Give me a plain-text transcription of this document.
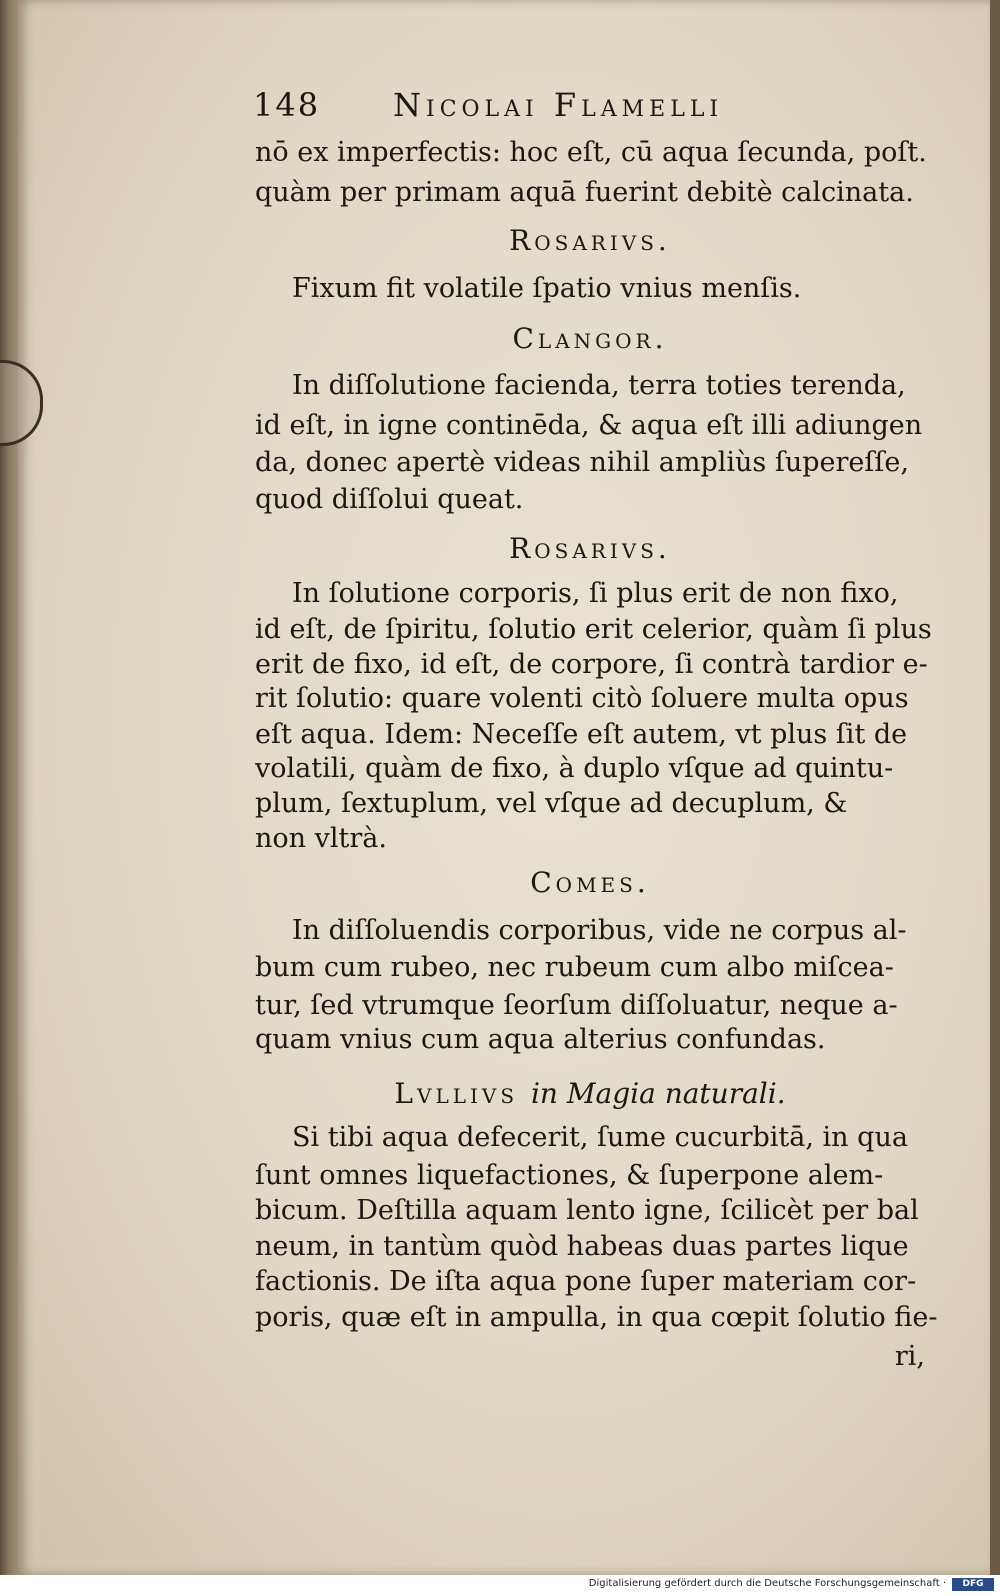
148 Nicolai Flamelli
nō ex imperfectis: hoc eſt, cū aqua ſecunda, poſt.
quàm per primam aquā fuerint debitè calcinata.
Rosarivs.
Fixum fit volatile ſpatio vnius menſis.
Clangor.
In diſſolutione facienda, terra toties terenda,
id eſt, in igne continēda, & aqua eſt illi adiungen
da, donec apertè videas nihil ampliùs ſupereſſe,
quod diſſolui queat.
Rosarivs.
In ſolutione corporis, ſi plus erit de non fixo,
id eſt, de ſpiritu, ſolutio erit celerior, quàm ſi plus
erit de fixo, id eſt, de corpore, ſi contrà tardior e-
rit ſolutio: quare volenti citò ſoluere multa opus
eſt aqua. Idem: Neceſſe eſt autem, vt plus ſit de
volatili, quàm de fixo, à duplo vſque ad quintu-
plum, ſextuplum, vel vſque ad decuplum, &
non vltrà.
Comes.
In diſſoluendis corporibus, vide ne corpus al-
bum cum rubeo, nec rubeum cum albo miſcea-
tur, ſed vtrumque ſeorſum diſſoluatur, neque a-
quam vnius cum aqua alterius confundas.
Lvllivs in Magia naturali.
Si tibi aqua defecerit, ſume cucurbitā, in qua
ſunt omnes liquefactiones, & ſuperpone alem-
bicum. Deſtilla aquam lento igne, ſcilicèt per bal
neum, in tantùm quòd habeas duas partes lique
factionis. De iſta aqua pone ſuper materiam cor-
poris, quæ eſt in ampulla, in qua cœpit ſolutio fie-
ri,
Digitalisierung gefördert durch die Deutsche Forschungsgemeinschaft ·	DFG
